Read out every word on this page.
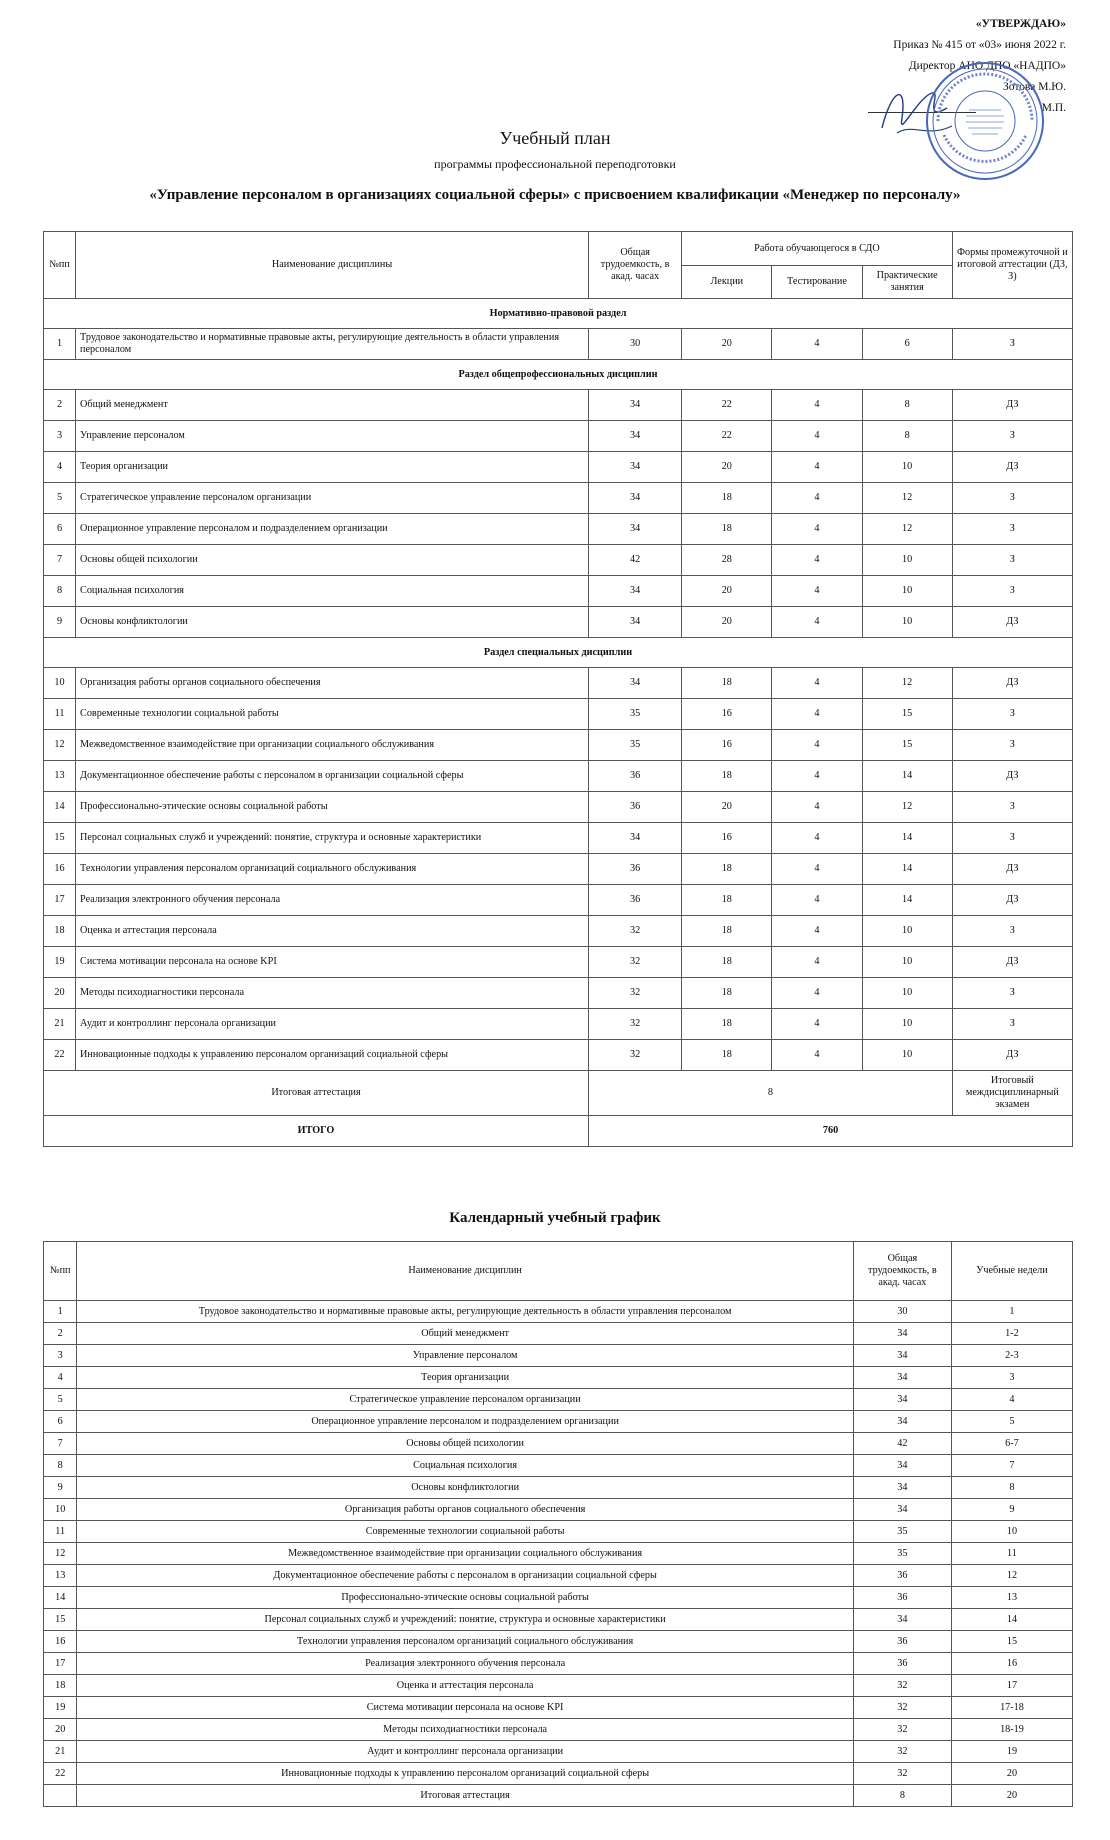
«УТВЕРЖДАЮ»
Приказ № 415 от «03» июня 2022 г.
Директор АНО ДПО «НАДПО»
Зотова М.Ю.
М.П.
Учебный план
программы профессиональной переподготовки
«Управление персоналом в организациях социальной сферы» с присвоением квалификации «Менеджер по персоналу»
№пп	Наименование дисциплины	Общая трудоемкость, в акад. часах	Работа обучающегося в СДО			Формы промежуточной и итоговой аттестации (ДЗ, З)
			Лекции	Тестирование	Практические занятия	
Нормативно-правовой раздел						
1	Трудовое законодательство и нормативные правовые акты, регулирующие деятельность в области управления персоналом	30	20	4	6	З
Раздел общепрофессиональных дисциплин						
2	Общий менеджмент	34	22	4	8	ДЗ
3	Управление персоналом	34	22	4	8	З
4	Теория организации	34	20	4	10	ДЗ
5	Стратегическое управление персоналом организации	34	18	4	12	З
6	Операционное управление персоналом и подразделением организации	34	18	4	12	З
7	Основы общей психологии	42	28	4	10	З
8	Социальная психология	34	20	4	10	З
9	Основы конфликтологии	34	20	4	10	ДЗ
Раздел специальных дисциплин						
10	Организация работы органов социального обеспечения	34	18	4	12	ДЗ
11	Современные технологии социальной работы	35	16	4	15	З
12	Межведомственное взаимодействие при организации социального обслуживания	35	16	4	15	З
13	Документационное обеспечение работы с персоналом в организации социальной сферы	36	18	4	14	ДЗ
14	Профессионально-этические основы социальной работы	36	20	4	12	З
15	Персонал социальных служб и учреждений: понятие, структура и основные характеристики	34	16	4	14	З
16	Технологии управления персоналом организаций социального обслуживания	36	18	4	14	ДЗ
17	Реализация электронного обучения персонала	36	18	4	14	ДЗ
18	Оценка и аттестация персонала	32	18	4	10	З
19	Система мотивации персонала на основе KPI	32	18	4	10	ДЗ
20	Методы психодиагностики персонала	32	18	4	10	З
21	Аудит и контроллинг персонала организации	32	18	4	10	З
22	Инновационные подходы к управлению персоналом организаций социальной сферы	32	18	4	10	ДЗ
Итоговая аттестация		8				Итоговый междисциплинарный экзамен
ИТОГО		760				
Календарный учебный график
№пп	Наименование дисциплин	Общая трудоемкость, в акад. часах	Учебные недели
1	Трудовое законодательство и нормативные правовые акты, регулирующие деятельность в области управления персоналом	30	1
2	Общий менеджмент	34	1-2
3	Управление персоналом	34	2-3
4	Теория организации	34	3
5	Стратегическое управление персоналом организации	34	4
6	Операционное управление персоналом и подразделением организации	34	5
7	Основы общей психологии	42	6-7
8	Социальная психология	34	7
9	Основы конфликтологии	34	8
10	Организация работы органов социального обеспечения	34	9
11	Современные технологии социальной работы	35	10
12	Межведомственное взаимодействие при организации социального обслуживания	35	11
13	Документационное обеспечение работы с персоналом в организации социальной сферы	36	12
14	Профессионально-этические основы социальной работы	36	13
15	Персонал социальных служб и учреждений: понятие, структура и основные характеристики	34	14
16	Технологии управления персоналом организаций социального обслуживания	36	15
17	Реализация электронного обучения персонала	36	16
18	Оценка и аттестация персонала	32	17
19	Система мотивации персонала на основе KPI	32	17-18
20	Методы психодиагностики персонала	32	18-19
21	Аудит и контроллинг персонала организации	32	19
22	Инновационные подходы к управлению персоналом организаций социальной сферы	32	20
	Итоговая аттестация	8	20
